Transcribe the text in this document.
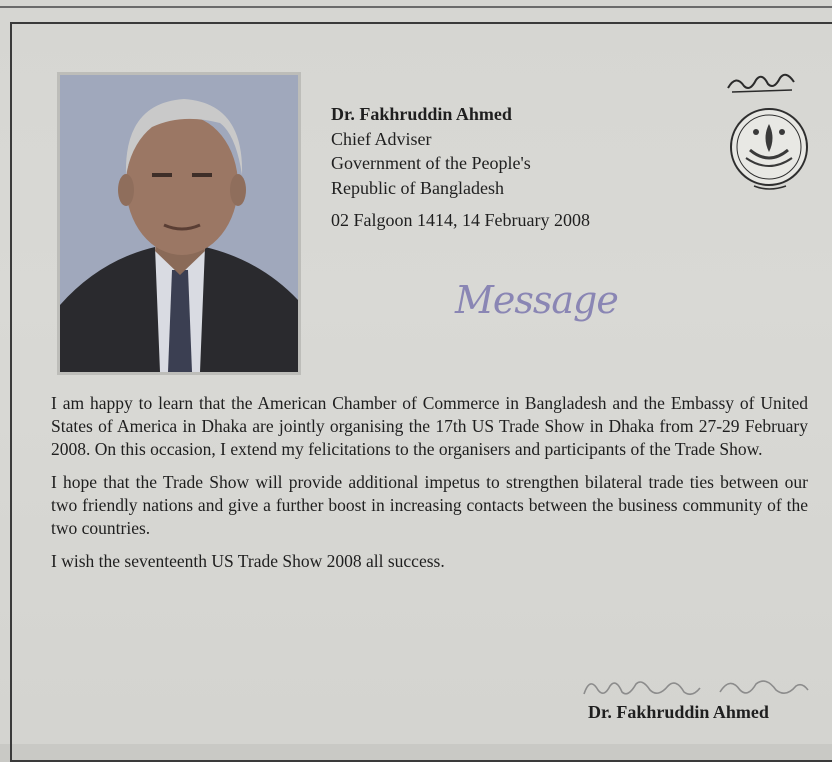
Dr. Fakhruddin Ahmed
Chief Adviser
Government of the People's
Republic of Bangladesh
02 Falgoon 1414, 14 February 2008
Message

I am happy to learn that the American Chamber of Commerce in Bangladesh and the Embassy of United States of America in Dhaka are jointly organising the 17th US Trade Show in Dhaka from 27-29 February 2008. On this occasion, I extend my felicitations to the organisers and participants of the Trade Show.

I hope that the Trade Show will provide additional impetus to strengthen bilateral trade ties between our two friendly nations and give a further boost in increasing contacts between the business community of the two countries.

I wish the seventeenth US Trade Show 2008 all success.

Dr. Fakhruddin Ahmed
